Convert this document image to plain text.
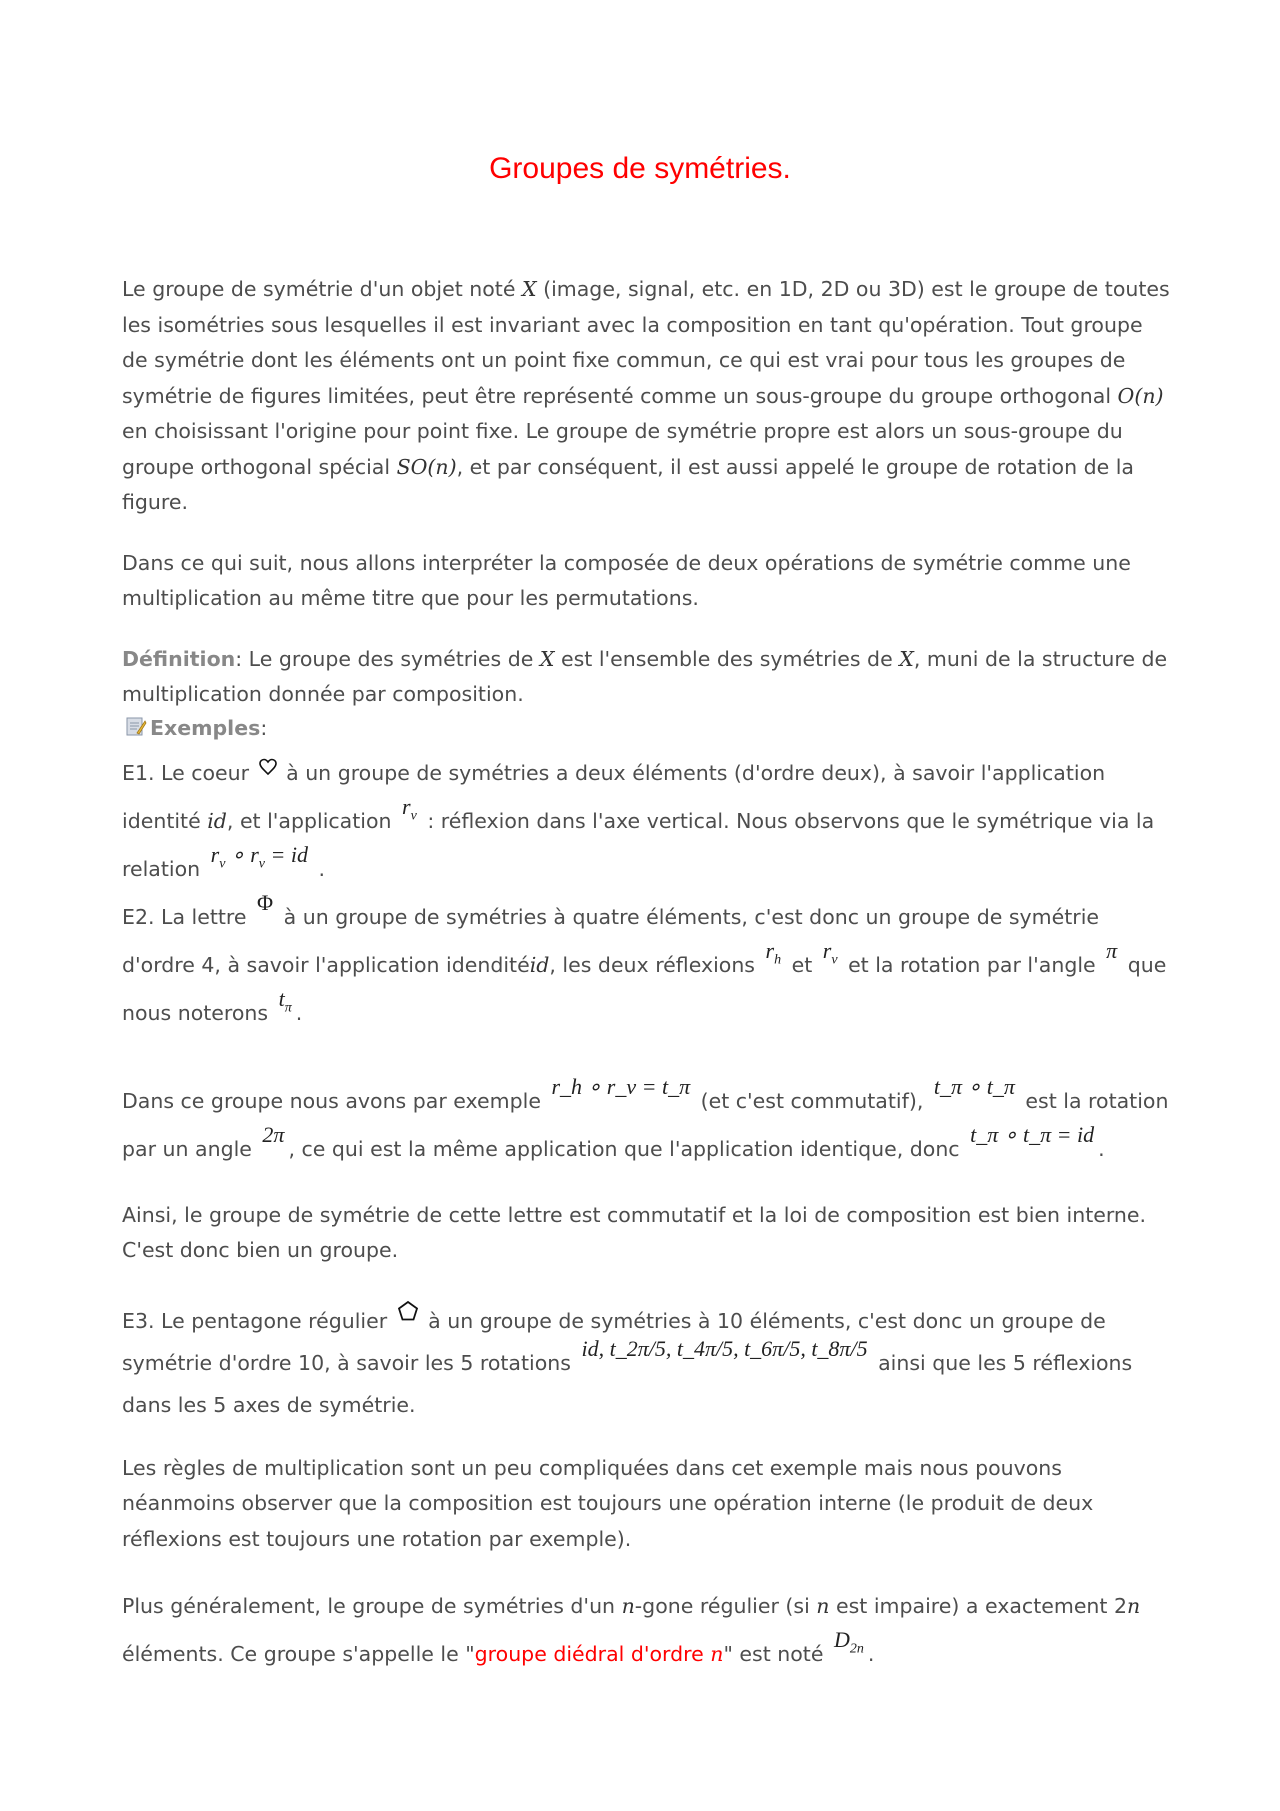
Groupes de symétries.

Le groupe de symétrie d'un objet noté X (image, signal, etc. en 1D, 2D ou 3D) est le groupe de toutes les isométries sous lesquelles il est invariant avec la composition en tant qu'opération. Tout groupe de symétrie dont les éléments ont un point fixe commun, ce qui est vrai pour tous les groupes de symétrie de figures limitées, peut être représenté comme un sous-groupe du groupe orthogonal O(n) en choisissant l'origine pour point fixe. Le groupe de symétrie propre est alors un sous-groupe du groupe orthogonal spécial SO(n), et par conséquent, il est aussi appelé le groupe de rotation de la figure.

Dans ce qui suit, nous allons interpréter la composée de deux opérations de symétrie comme une multiplication au même titre que pour les permutations.

Définition: Le groupe des symétries de X est l'ensemble des symétries de X, muni de la structure de multiplication donnée par composition.

Exemples:
E1. Le coeur  à un groupe de symétries a deux éléments (d'ordre deux), à savoir l'application identité id, et l'application $r_v$ : réflexion dans l'axe vertical. Nous observons que le symétrique via la relation $r_v$ ∘ $r_v$ = id .
E2. La lettre Φ à un groupe de symétries à quatre éléments, c'est donc un groupe de symétrie d'ordre 4, à savoir l'application idenditéid, les deux réflexions $r_h$ et $r_v$ et la rotation par l'angle π que nous noterons $t_\pi$ .

Dans ce groupe nous avons par exemple r_h ∘ r_v = t_π (et c'est commutatif), t_π ∘ t_π est la rotation par un angle 2π, ce qui est la même application que l'application identique, donc t_π ∘ t_π = id.

Ainsi, le groupe de symétrie de cette lettre est commutatif et la loi de composition est bien interne. C'est donc bien un groupe.

E3. Le pentagone régulier  à un groupe de symétries à 10 éléments, c'est donc un groupe de symétrie d'ordre 10, à savoir les 5 rotations id, t_2π/5, t_4π/5, t_6π/5, t_8π/5 ainsi que les 5 réflexions dans les 5 axes de symétrie.

Les règles de multiplication sont un peu compliquées dans cet exemple mais nous pouvons néanmoins observer que la composition est toujours une opération interne (le produit de deux réflexions est toujours une rotation par exemple).

Plus généralement, le groupe de symétries d'un n-gone régulier (si n est impaire) a exactement 2n éléments. Ce groupe s'appelle le "groupe diédral d'ordre n" est noté $D_{2n}$ .
